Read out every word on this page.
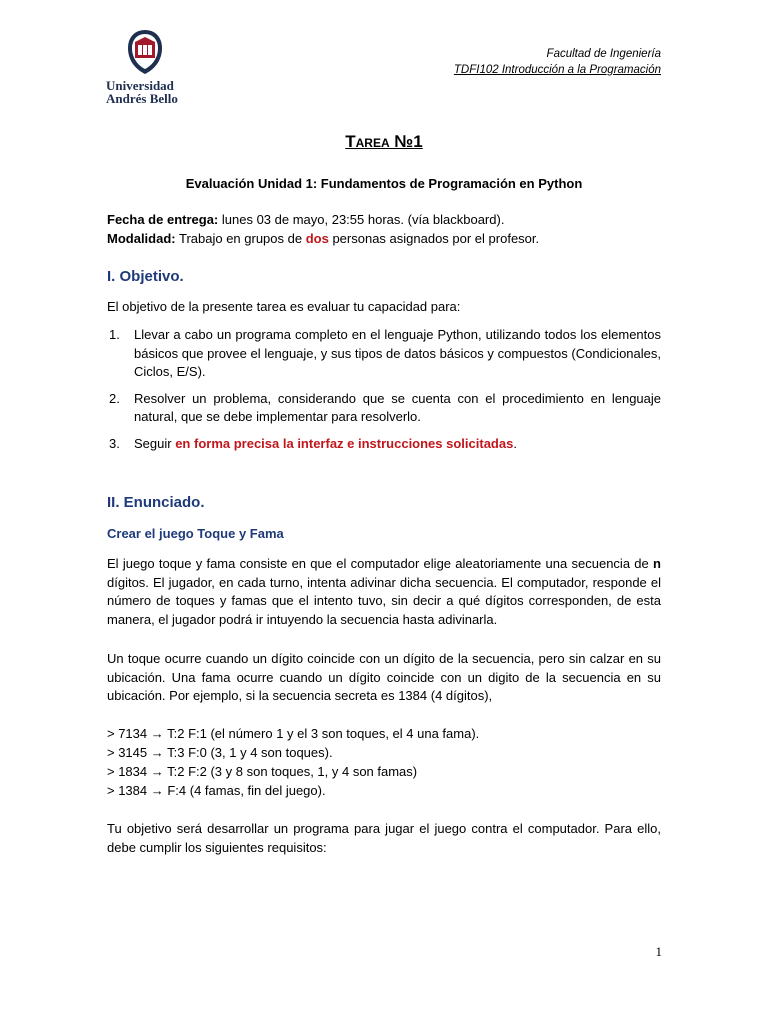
Universidad
Andrés Bello
Facultad de Ingeniería
TDFI102 Introducción a la Programación
Tarea №1
Evaluación Unidad 1: Fundamentos de Programación en Python
Fecha de entrega: lunes 03 de mayo, 23:55 horas. (vía blackboard).
Modalidad: Trabajo en grupos de dos personas asignados por el profesor.
I. Objetivo.
El objetivo de la presente tarea es evaluar tu capacidad para:
1. Llevar a cabo un programa completo en el lenguaje Python, utilizando todos los elementos básicos que provee el lenguaje, y sus tipos de datos básicos y compuestos (Condicionales, Ciclos, E/S).
2. Resolver un problema, considerando que se cuenta con el procedimiento en lenguaje natural, que se debe implementar para resolverlo.
3. Seguir en forma precisa la interfaz e instrucciones solicitadas.
II. Enunciado.
Crear el juego Toque y Fama
El juego toque y fama consiste en que el computador elige aleatoriamente una secuencia de n dígitos. El jugador, en cada turno, intenta adivinar dicha secuencia. El computador, responde el número de toques y famas que el intento tuvo, sin decir a qué dígitos corresponden, de esta manera, el jugador podrá ir intuyendo la secuencia hasta adivinarla.
Un toque ocurre cuando un dígito coincide con un dígito de la secuencia, pero sin calzar en su ubicación. Una fama ocurre cuando un dígito coincide con un digito de la secuencia en su ubicación. Por ejemplo, si la secuencia secreta es 1384 (4 dígitos),
> 7134 → T:2 F:1 (el número 1 y el 3 son toques, el 4 una fama).
> 3145 → T:3 F:0 (3, 1 y 4 son toques).
> 1834 → T:2 F:2 (3 y 8 son toques, 1, y 4 son famas)
> 1384 → F:4 (4 famas, fin del juego).
Tu objetivo será desarrollar un programa para jugar el juego contra el computador. Para ello, debe cumplir los siguientes requisitos:
1
